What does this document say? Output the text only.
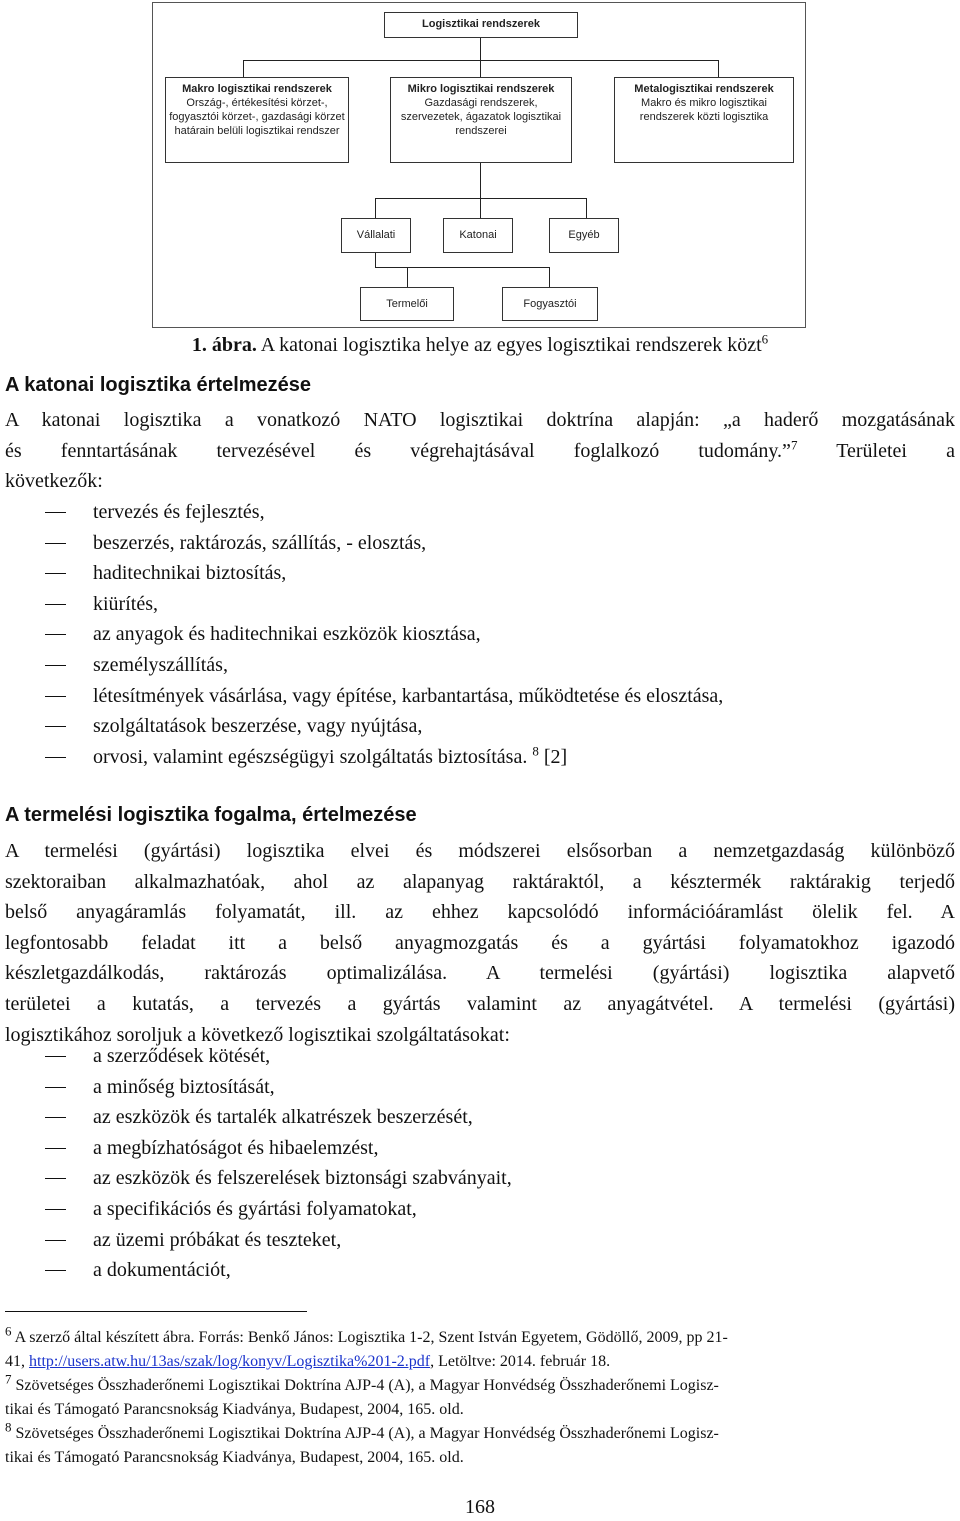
Logisztikai rendszerek
Makro logisztikai rendszerek
Ország-, értékesítési körzet-, fogyasztói körzet-, gazdasági körzet határain belüli logisztikai rendszer
Mikro logisztikai rendszerek
Gazdasági rendszerek, szervezetek, ágazatok logisztikai rendszerei
Metalogisztikai rendszerek
Makro és mikro logisztikai rendszerek közti logisztika
Vállalati	Katonai	Egyéb
Termelői	Fogyasztói
1. ábra. A katonai logisztika helye az egyes logisztikai rendszerek közt$^6$
A katonai logisztika értelmezése
A katonai logisztika a vonatkozó NATO logisztikai doktrína alapján: „a haderő mozgatásának
és fenntartásának tervezésével és végrehajtásával foglalkozó tudomány.”$^7$ Területei a
következők:
tervezés és fejlesztés,
beszerzés, raktározás, szállítás, - elosztás,
haditechnikai biztosítás,
kiürítés,
az anyagok és haditechnikai eszközök kiosztása,
személyszállítás,
létesítmények vásárlása, vagy építése, karbantartása, működtetése és elosztása,
szolgáltatások beszerzése, vagy nyújtása,
orvosi, valamint egészségügyi szolgáltatás biztosítása. $^8$ [2]
A termelési logisztika fogalma, értelmezése
A termelési (gyártási) logisztika elvei és módszerei elsősorban a nemzetgazdaság különböző
szektoraiban alkalmazhatóak, ahol az alapanyag raktáraktól, a késztermék raktárakig terjedő
belső anyagáramlás folyamatát, ill. az ehhez kapcsolódó információáramlást ölelik fel. A
legfontosabb feladat itt a belső anyagmozgatás és a gyártási folyamatokhoz igazodó
készletgazdálkodás, raktározás optimalizálása. A termelési (gyártási) logisztika alapvető
területei a kutatás, a tervezés a gyártás valamint az anyagátvétel. A termelési (gyártási)
logisztikához soroljuk a következő logisztikai szolgáltatásokat:
a szerződések kötését,
a minőség biztosítását,
az eszközök és tartalék alkatrészek beszerzését,
a megbízhatóságot és hibaelemzést,
az eszközök és felszerelések biztonsági szabványait,
a specifikációs és gyártási folyamatokat,
az üzemi próbákat és teszteket,
a dokumentációt,
$^6$ A szerző által készített ábra. Forrás: Benkő János: Logisztika 1-2, Szent István Egyetem, Gödöllő, 2009, pp 21-
41, http://users.atw.hu/13as/szak/log/konyv/Logisztika%201-2.pdf, Letöltve: 2014. február 18.
$^7$ Szövetséges Összhaderőnemi Logisztikai Doktrína AJP-4 (A), a Magyar Honvédség Összhaderőnemi Logisz-
tikai és Támogató Parancsnokság Kiadványa, Budapest, 2004, 165. old.
$^8$ Szövetséges Összhaderőnemi Logisztikai Doktrína AJP-4 (A), a Magyar Honvédség Összhaderőnemi Logisz-
tikai és Támogató Parancsnokság Kiadványa, Budapest, 2004, 165. old.
168
